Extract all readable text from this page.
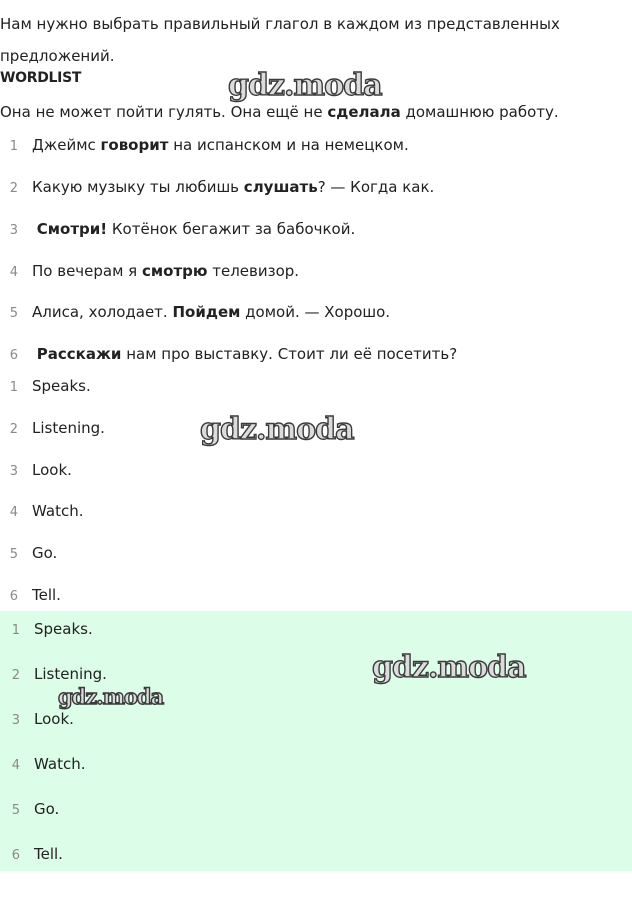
Нам нужно выбрать правильный глагол в каждом из представленных предложений.
WORDLIST
Она не может пойти гулять. Она ещё не сделала домашнюю работу.
1 Джеймс говорит на испанском и на немецком.
2 Какую музыку ты любишь слушать? — Когда как.
3 Смотри! Котёнок бегажит за бабочкой.
4 По вечерам я смотрю телевизор.
5 Алиса, холодает. Пойдем домой. — Хорошо.
6 Расскажи нам про выставку. Стоит ли её посетить?
1 Speaks.
2 Listening.
3 Look.
4 Watch.
5 Go.
6 Tell.
1 Speaks.
2 Listening.
3 Look.
4 Watch.
5 Go.
6 Tell.
gdz.moda
gdz.moda
gdz.moda
gdz.moda
